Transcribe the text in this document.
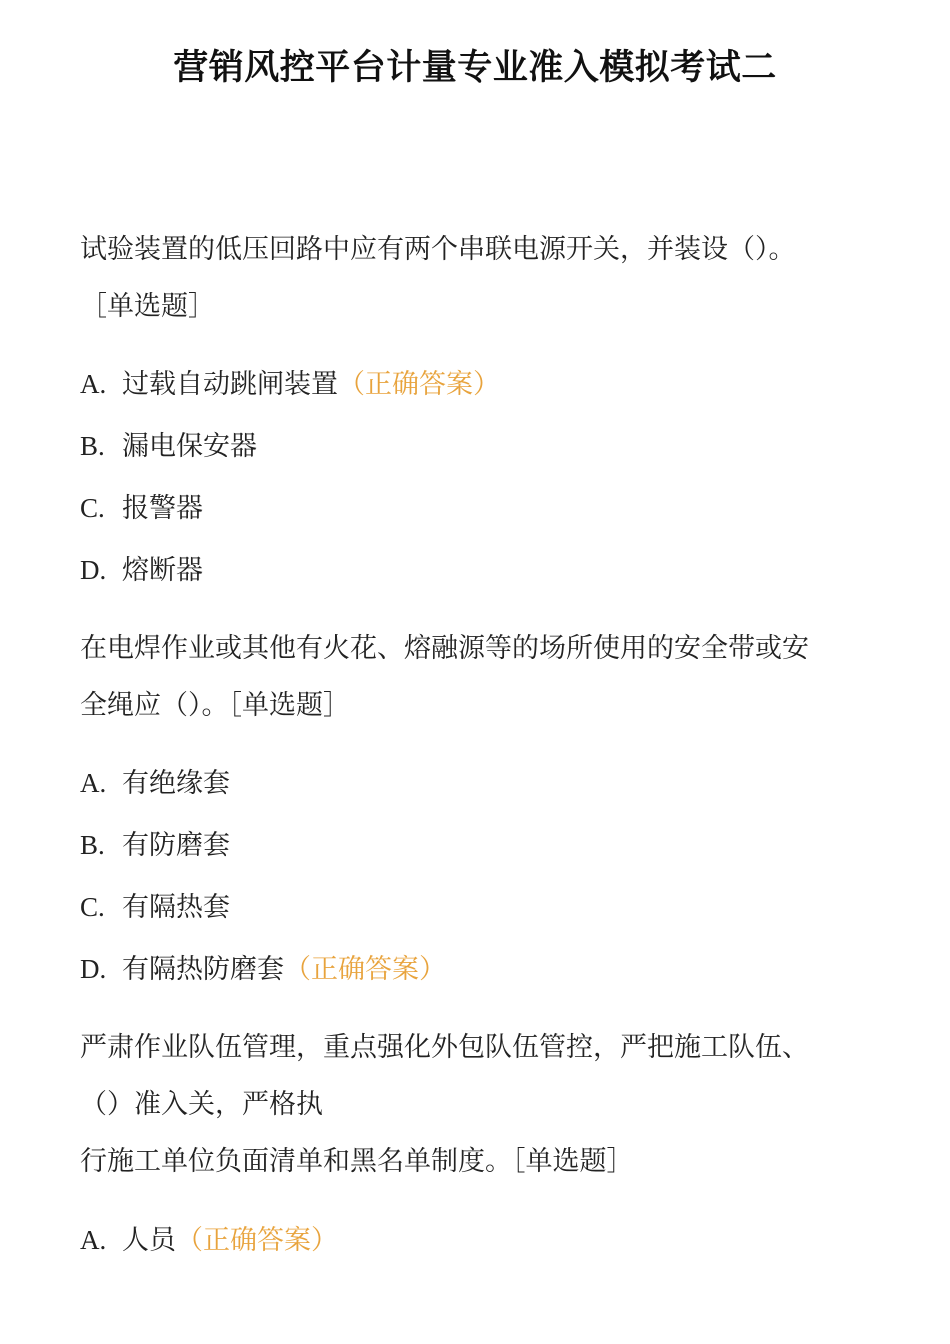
营销风控平台计量专业准入模拟考试二
试验装置的低压回路中应有两个串联电源开关，并装设（）。
［单选题］
A. 过载自动跳闸装置（正确答案）
B. 漏电保安器
C. 报警器
D. 熔断器
在电焊作业或其他有火花、熔融源等的场所使用的安全带或安
全绳应（）。［单选题］
A. 有绝缘套
B. 有防磨套
C. 有隔热套
D. 有隔热防磨套（正确答案）
严肃作业队伍管理，重点强化外包队伍管控，严把施工队伍、
（）准入关，严格执
行施工单位负面清单和黑名单制度。［单选题］
A. 人员（正确答案）
